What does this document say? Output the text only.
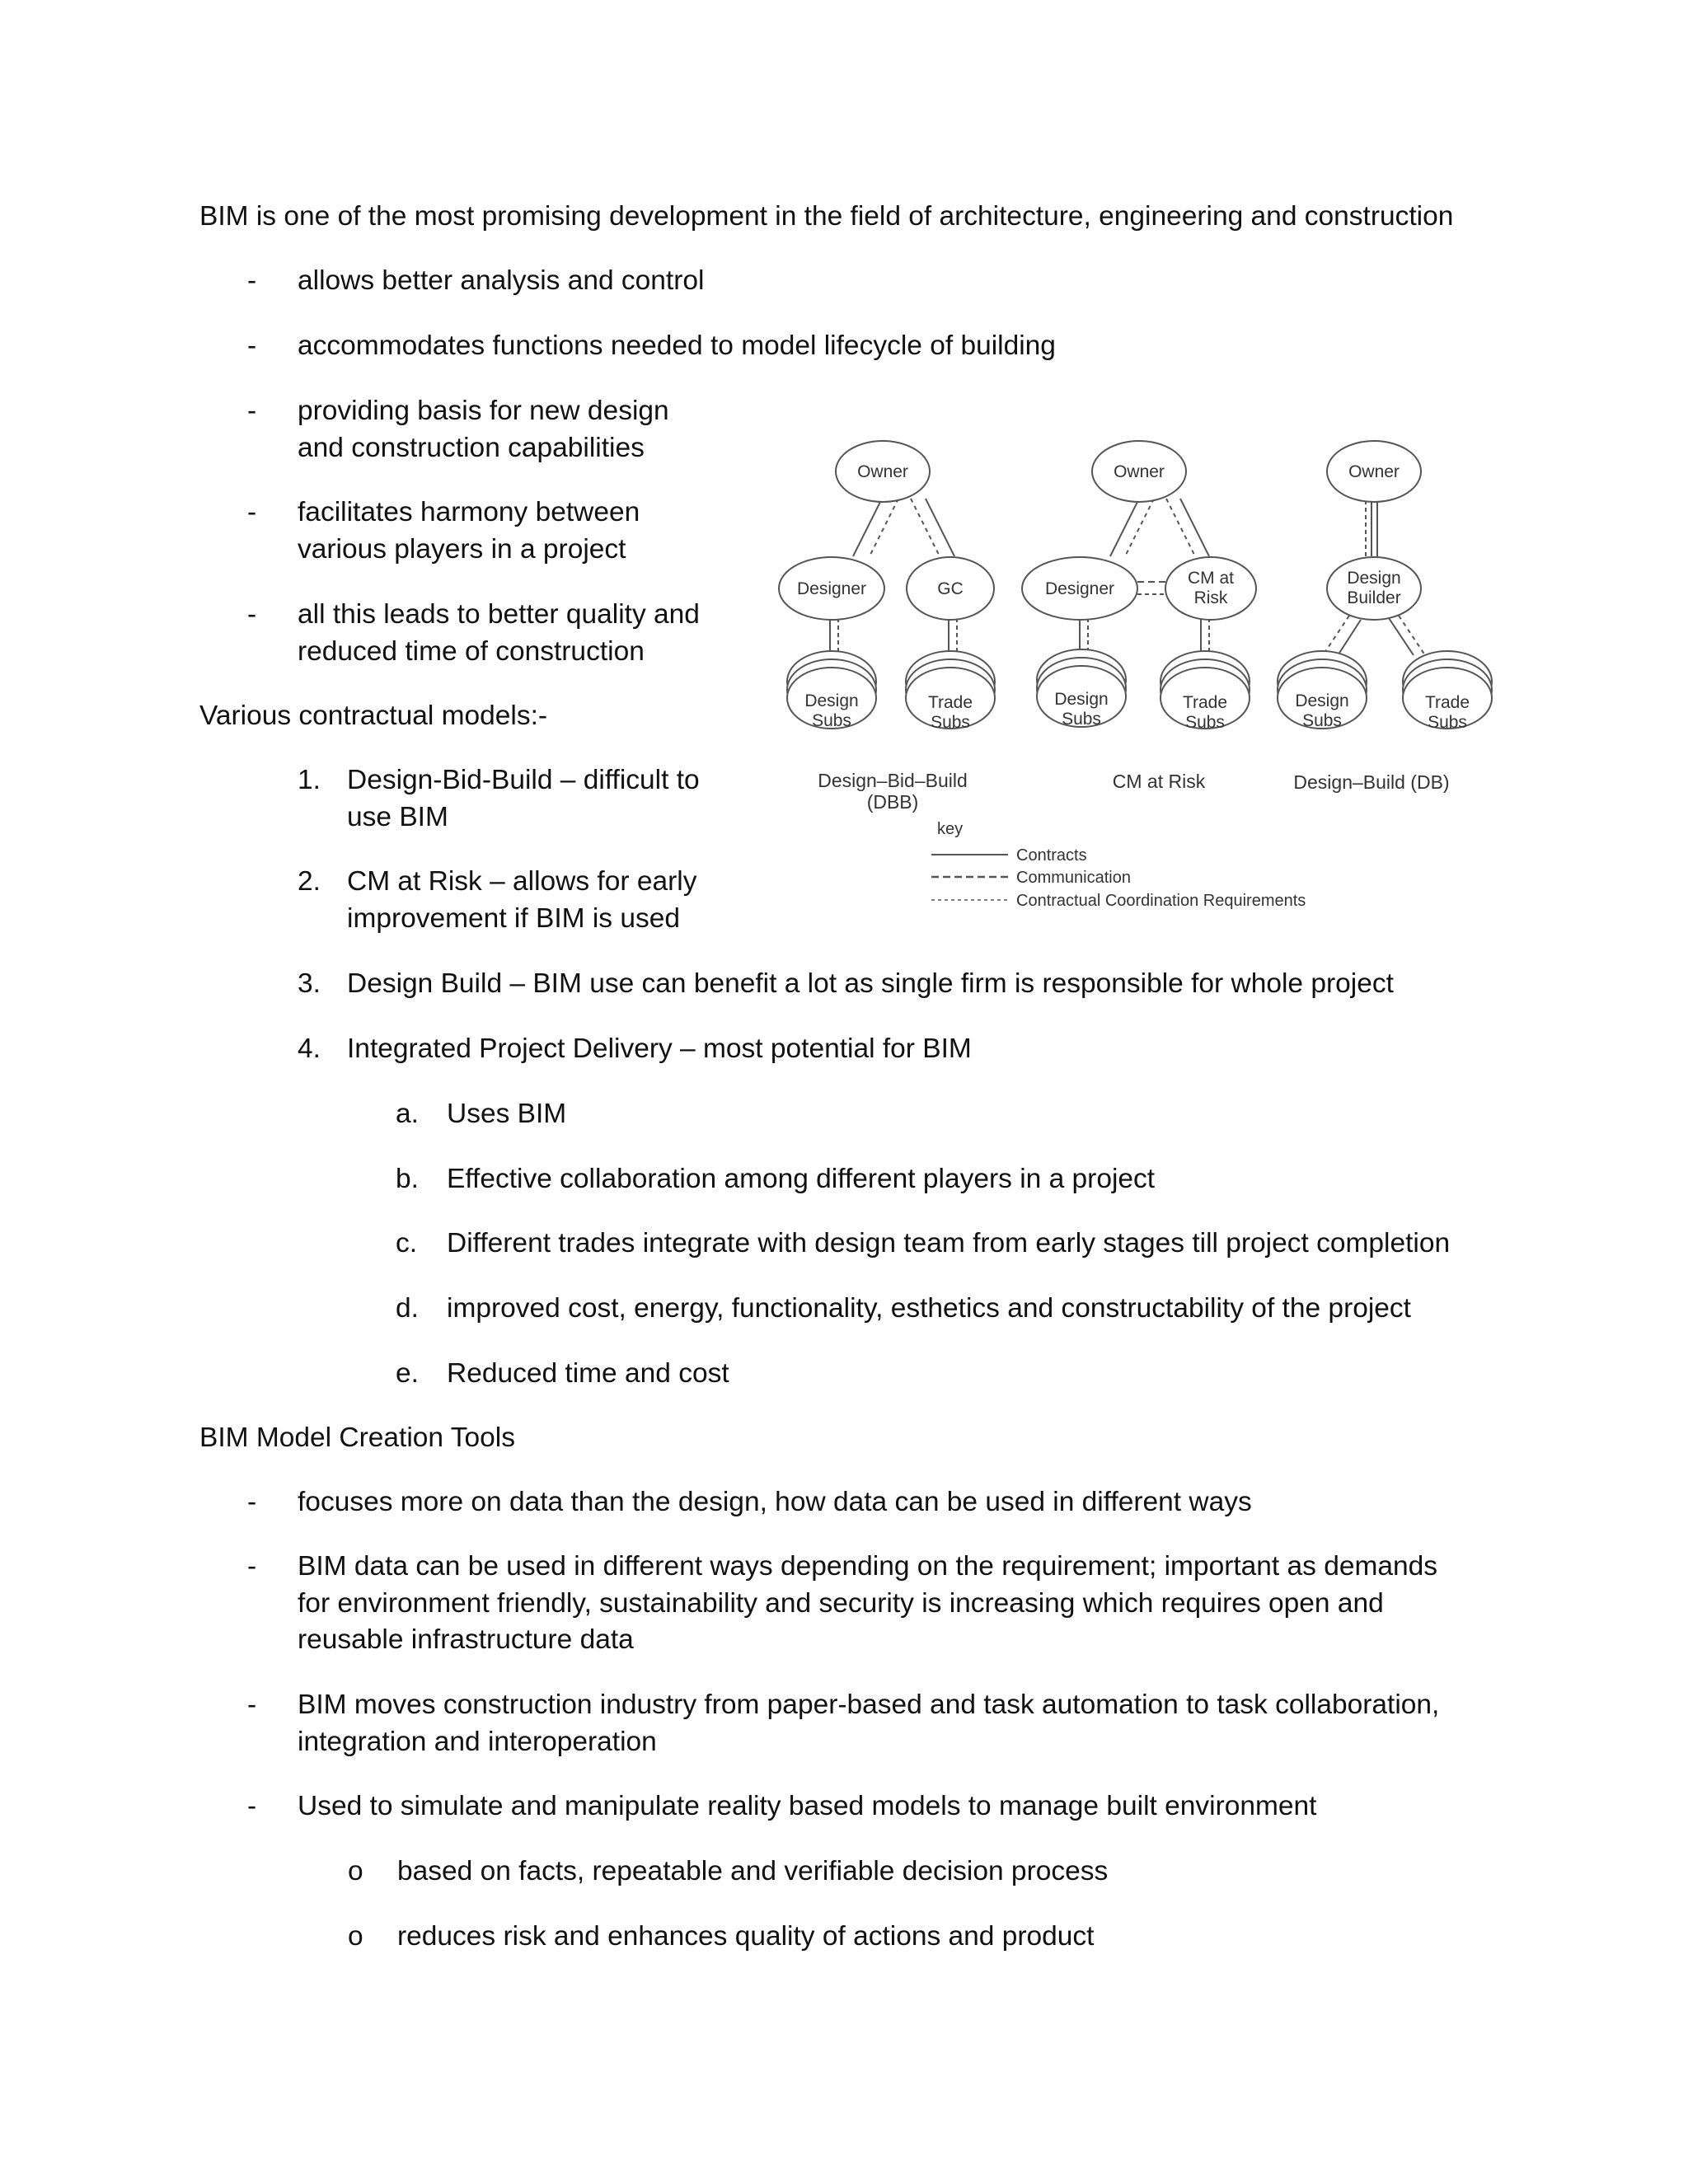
BIM is one of the most promising development in the field of architecture, engineering and construction
- allows better analysis and control
- accommodates functions needed to model lifecycle of building
- providing basis for new design
and construction capabilities
- facilitates harmony between
various players in a project
- all this leads to better quality and
reduced time of construction
Various contractual models:-
1. Design-Bid-Build – difficult to
use BIM
2. CM at Risk – allows for early
improvement if BIM is used
3. Design Build – BIM use can benefit a lot as single firm is responsible for whole project
4. Integrated Project Delivery – most potential for BIM
a. Uses BIM
b. Effective collaboration among different players in a project
c. Different trades integrate with design team from early stages till project completion
d. improved cost, energy, functionality, esthetics and constructability of the project
e. Reduced time and cost
BIM Model Creation Tools
- focuses more on data than the design, how data can be used in different ways
- BIM data can be used in different ways depending on the requirement; important as demands
for environment friendly, sustainability and security is increasing which requires open and
reusable infrastructure data
- BIM moves construction industry from paper-based and task automation to task collaboration,
integration and interoperation
- Used to simulate and manipulate reality based models to manage built environment
o based on facts, repeatable and verifiable decision process
o reduces risk and enhances quality of actions and product
Owner	Owner	Owner
Designer	GC	Designer
CM at
Risk
Design
Builder
Design
Subs
Trade
Subs
Design
Subs
Trade
Subs
Design
Subs
Trade
Subs
Design–Bid–Build
(DBB)
CM at Risk	Design–Build (DB)
key
Contracts
Communication
Contractual Coordination Requirements
